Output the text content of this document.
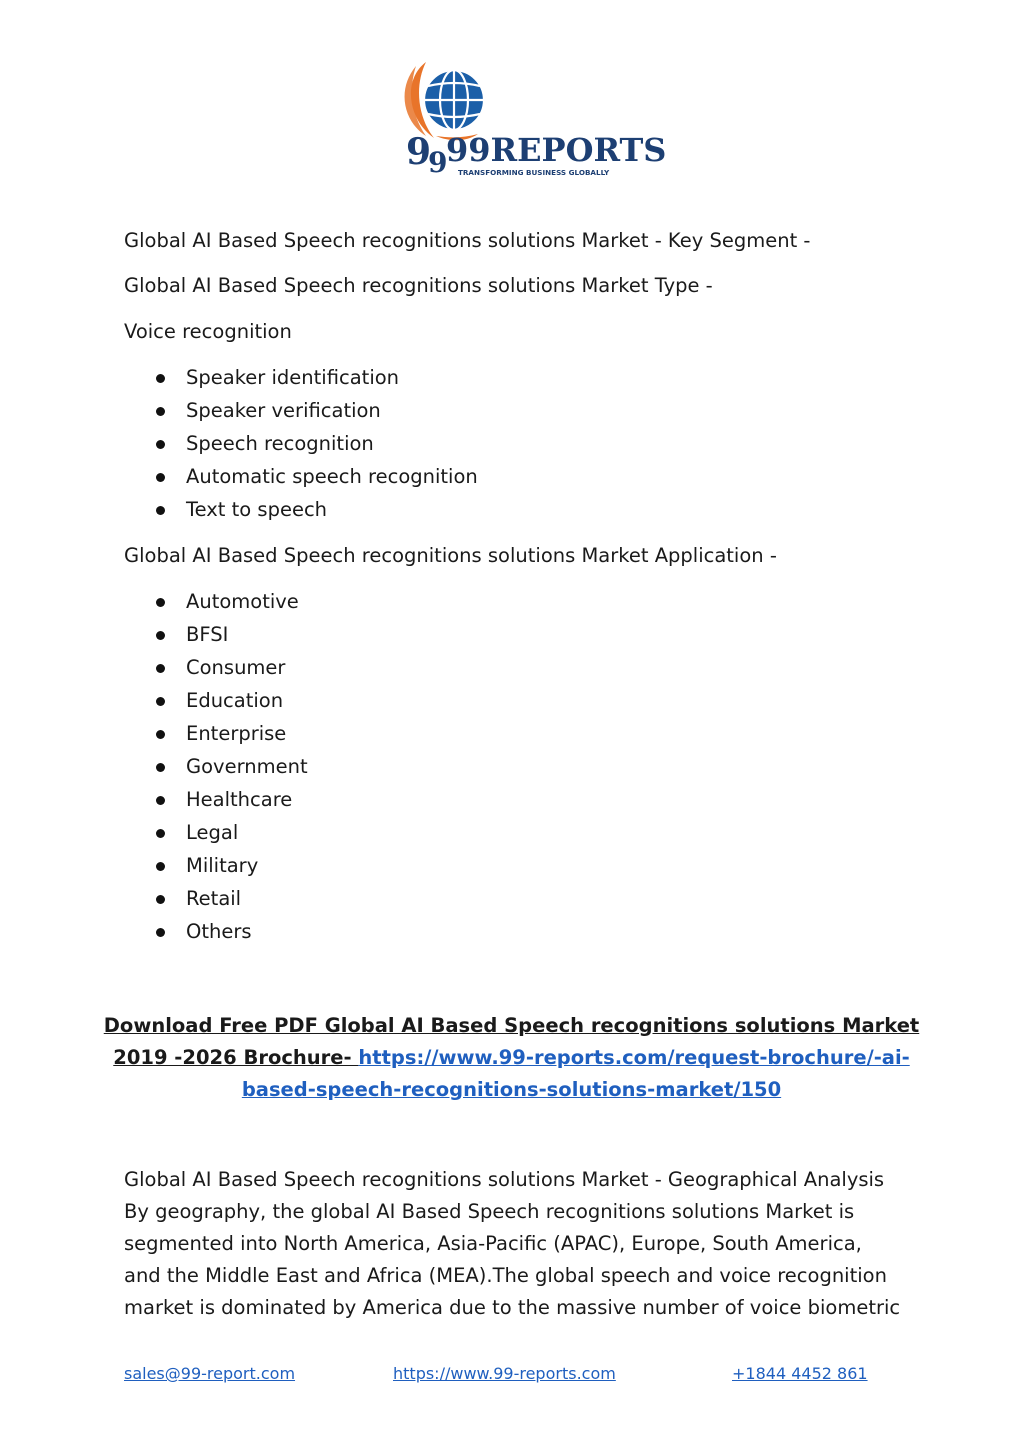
9
9
99REPORTS
TRANSFORMING BUSINESS GLOBALLY
Global AI Based Speech recognitions solutions Market - Key Segment -
Global AI Based Speech recognitions solutions Market Type -
Voice recognition
Speaker identification
Speaker verification
Speech recognition
Automatic speech recognition
Text to speech
Global AI Based Speech recognitions solutions Market Application -
Automotive
BFSI
Consumer
Education
Enterprise
Government
Healthcare
Legal
Military
Retail
Others
Download Free PDF Global AI Based Speech recognitions solutions Market
2019 -2026 Brochure- https://www.99-reports.com/request-brochure/-ai-
based-speech-recognitions-solutions-market/150
Global AI Based Speech recognitions solutions Market - Geographical Analysis
By geography, the global AI Based Speech recognitions solutions Market is
segmented into North America, Asia-Pacific (APAC), Europe, South America,
and the Middle East and Africa (MEA).The global speech and voice recognition
market is dominated by America due to the massive number of voice biometric
sales@99-report.com	https://www.99-reports.com	+1844 4452 861
